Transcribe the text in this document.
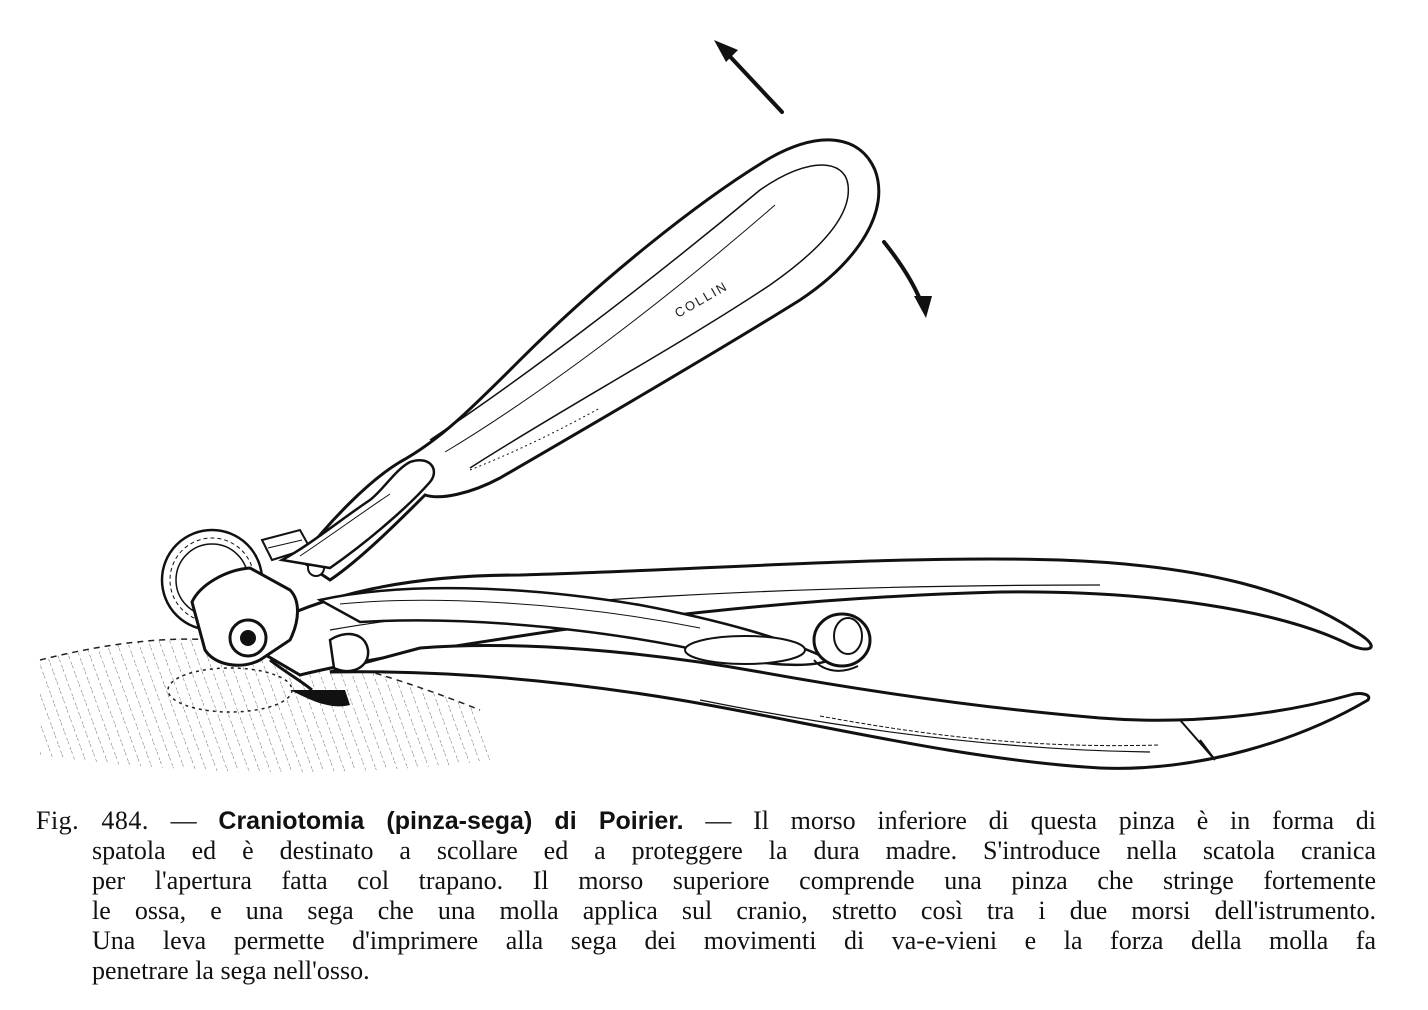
COLLIN
Fig. 484. — Craniotomia (pinza-sega) di Poirier. — Il morso inferiore di questa pinza è in forma di
spatola ed è destinato a scollare ed a proteggere la dura madre. S'introduce nella scatola cranica
per l'apertura fatta col trapano. Il morso superiore comprende una pinza che stringe fortemente
le ossa, e una sega che una molla applica sul cranio, stretto così tra i due morsi dell'istrumento.
Una leva permette d'imprimere alla sega dei movimenti di va-e-vieni e la forza della molla fa
penetrare la sega nell'osso.
